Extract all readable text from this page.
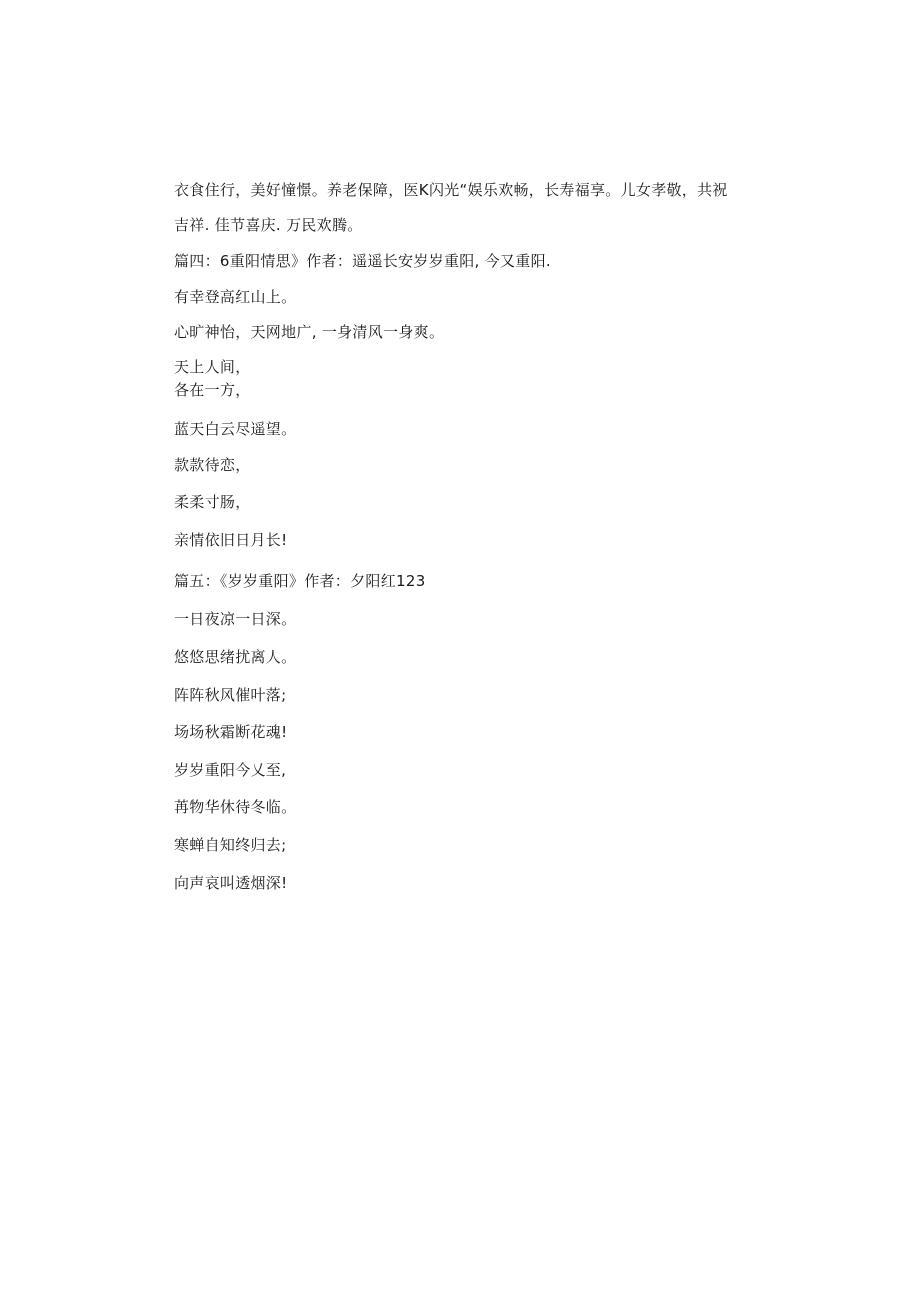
衣食住行，美好憧憬。养老保障，医K闪光“娱乐欢畅，长寿福享。儿女孝敬，共祝
吉祥. 佳节喜庆. 万民欢腾。
篇四：6重阳情思》作者：遥遥长安岁岁重阳, 今又重阳.
有幸登高红山上。
心旷神怡，天网地广, 一身清风一身爽。
天上人间，
各在一方，
蓝天白云尽遥望。
款款待恋，
柔柔寸肠，
亲情依旧日月长!
篇五：《岁岁重阳》作者：夕阳红123
一日夜凉一日深。
悠悠思绪扰离人。
阵阵秋风催叶落;
场场秋霜断花魂!
岁岁重阳今乂至,
苒物华休待冬临。
寒蝉自知终归去;
向声哀叫透烟深!
